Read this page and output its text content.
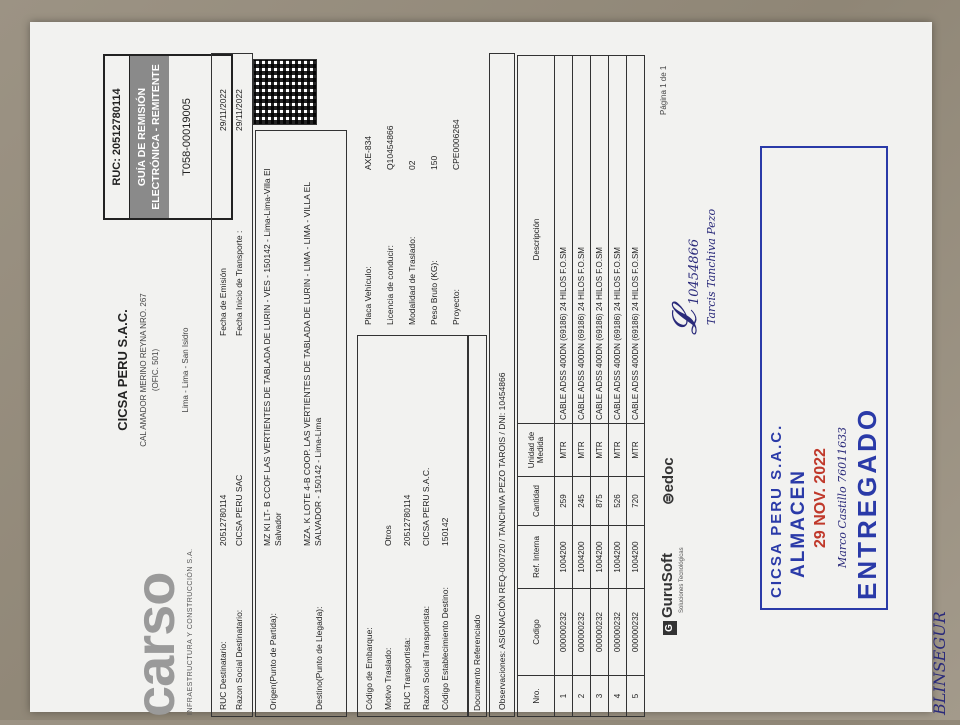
carso INFRAESTRUCTURA Y CONSTRUCCIÓN S.A.
CICSA PERU S.A.C. CAL AMADOR MERINO REYNA NRO. 267 (OFIC. 501)	Lima - Lima - San Isidro
RUC: 20512780114	GUÍA DE REMISIÓN ELECTRÓNICA - REMITENTE	T058-00019005
RUC Destinatario:
20512780114
Razon Social Destinatario:
CICSA PERU SAC
Fecha de Emisión
29/11/2022
Fecha Inicio de Transporte :
29/11/2022
Origen(Punto de Partida):
MZ KI LT- B CCOF LAS VERTIENTES DE TABLADA DE LURIN - VES - 150142 - Lima-Lima-Villa El Salvador
Destino(Punto de Llegada):
MZA. K LOTE 4-B COOP. LAS VERTIENTES DE TABLADA DE LURIN - LIMA - LIMA - VILLA EL SALVADOR - 150142 - Lima-Lima
Código de Embarque: Motivo Traslado:
Otros
RUC Transportista:
20512780114
Razon Social Transportista:
CICSA PERU S.A.C.
Código Establecimiento Destino:
150142
Documento Referenciado
Placa Vehículo:
AXE-834
Licencia de conducir:
Q10454866
Modalidad de Traslado:
02
Peso Bruto (KG):
150
Proyecto:
CPE0006264
Observaciones: ASIGNACIÓN REQ-000720 / TANCHIVA PEZO TAROIS / DNI: 10454866	Nro.	Codigo	Ref. Interna	Cantidad	Unidad de Medida	Descripción
1	000000232	1004200	259	MTR	CABLE ADSS 400DN (69186) 24 HILOS F.O.SM
2	000000232	1004200	245	MTR	CABLE ADSS 400DN (69186) 24 HILOS F.O.SM
3	000000232	1004200	875	MTR	CABLE ADSS 400DN (69186) 24 HILOS F.O.SM
4	000000232	1004200	526	MTR	CABLE ADSS 400DN (69186) 24 HILOS F.O.SM
5	000000232	1004200	720	MTR	CABLE ADSS 400DN (69186) 24 HILOS F.O.SM
GGuruSoft Soluciones Tecnológicas
⊜edoc
Página 1 de 1
𝓛
10454866 Tarcis Tanchiva Pezo
BLINSEGUR
CICSA PERU S.A.C. ALMACEN 29 NOV. 2022 Marco Castillo 76011633 ENTREGADO
